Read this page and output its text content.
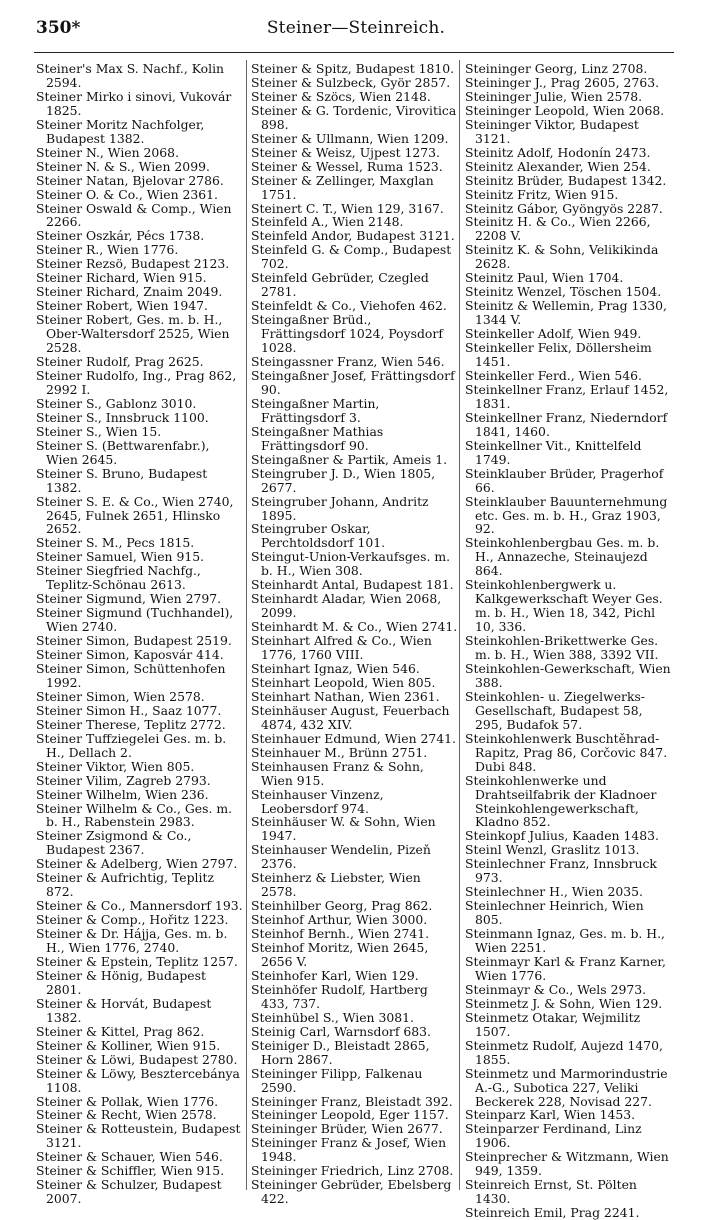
350*	Steiner—Steinreich.
Steiner's Max S. Nachf., Kolin 2594.
Steiner Mirko i sinovi, Vukovár 1825.
Steiner Moritz Nachfolger, Budapest 1382.
Steiner N., Wien 2068.
Steiner N. & S., Wien 2099.
Steiner Natan, Bjelovar 2786.
Steiner O. & Co., Wien 2361.
Steiner Oswald & Comp., Wien 2266.
Steiner Oszkár, Pécs 1738.
Steiner R., Wien 1776.
Steiner Rezsö, Budapest 2123.
Steiner Richard, Wien 915.
Steiner Richard, Znaim 2049.
Steiner Robert, Wien 1947.
Steiner Robert, Ges. m. b. H., Ober-Waltersdorf 2525, Wien 2528.
Steiner Rudolf, Prag 2625.
Steiner Rudolfo, Ing., Prag 862, 2992 I.
Steiner S., Gablonz 3010.
Steiner S., Innsbruck 1100.
Steiner S., Wien 15.
Steiner S. (Bettwarenfabr.), Wien 2645.
Steiner S. Bruno, Budapest 1382.
Steiner S. E. & Co., Wien 2740, 2645, Fulnek 2651, Hlinsko 2652.
Steiner S. M., Pecs 1815.
Steiner Samuel, Wien 915.
Steiner Siegfried Nachfg., Teplitz-Schönau 2613.
Steiner Sigmund, Wien 2797.
Steiner Sigmund (Tuchhandel), Wien 2740.
Steiner Simon, Budapest 2519.
Steiner Simon, Kaposvár 414.
Steiner Simon, Schüttenhofen 1992.
Steiner Simon, Wien 2578.
Steiner Simon H., Saaz 1077.
Steiner Therese, Teplitz 2772.
Steiner Tuffziegelei Ges. m. b. H., Dellach 2.
Steiner Viktor, Wien 805.
Steiner Vilim, Zagreb 2793.
Steiner Wilhelm, Wien 236.
Steiner Wilhelm & Co., Ges. m. b. H., Rabenstein 2983.
Steiner Zsigmond & Co., Budapest 2367.
Steiner & Adelberg, Wien 2797.
Steiner & Aufrichtig, Teplitz 872.
Steiner & Co., Mannersdorf 193.
Steiner & Comp., Hořitz 1223.
Steiner & Dr. Hájja, Ges. m. b. H., Wien 1776, 2740.
Steiner & Epstein, Teplitz 1257.
Steiner & Hönig, Budapest 2801.
Steiner & Horvát, Budapest 1382.
Steiner & Kittel, Prag 862.
Steiner & Kolliner, Wien 915.
Steiner & Löwi, Budapest 2780.
Steiner & Löwy, Besztercebánya 1108.
Steiner & Pollak, Wien 1776.
Steiner & Recht, Wien 2578.
Steiner & Rotteustein, Budapest 3121.
Steiner & Schauer, Wien 546.
Steiner & Schiffler, Wien 915.
Steiner & Schulzer, Budapest 2007.
Steiner & Spitz, Budapest 1810.
Steiner & Sulzbeck, Györ 2857.
Steiner & Szöcs, Wien 2148.
Steiner & G. Tordenic, Virovitica 898.
Steiner & Ullmann, Wien 1209.
Steiner & Weisz, Ujpest 1273.
Steiner & Wessel, Ruma 1523.
Steiner & Zellinger, Maxglan 1751.
Steinert C. T., Wien 129, 3167.
Steinfeld A., Wien 2148.
Steinfeld Andor, Budapest 3121.
Steinfeld G. & Comp., Budapest 702.
Steinfeld Gebrüder, Czegled 2781.
Steinfeldt & Co., Viehofen 462.
Steingaßner Brüd., Frättingsdorf 1024, Poysdorf 1028.
Steingassner Franz, Wien 546.
Steingaßner Josef, Frättingsdorf 90.
Steingaßner Martin, Frättingsdorf 3.
Steingaßner Mathias Frättingsdorf 90.
Steingaßner & Partik, Ameis 1.
Steingruber J. D., Wien 1805, 2677.
Steingruber Johann, Andritz 1895.
Steingruber Oskar, Perchtoldsdorf 101.
Steingut-Union-Verkaufsges. m. b. H., Wien 308.
Steinhardt Antal, Budapest 181.
Steinhardt Aladar, Wien 2068, 2099.
Steinhardt M. & Co., Wien 2741.
Steinhart Alfred & Co., Wien 1776, 1760 VIII.
Steinhart Ignaz, Wien 546.
Steinhart Leopold, Wien 805.
Steinhart Nathan, Wien 2361.
Steinhäuser August, Feuerbach 4874, 432 XIV.
Steinhauer Edmund, Wien 2741.
Steinhauer M., Brünn 2751.
Steinhausen Franz & Sohn, Wien 915.
Steinhauser Vinzenz, Leobersdorf 974.
Steinhäuser W. & Sohn, Wien 1947.
Steinhauser Wendelin, Pizeň 2376.
Steinherz & Liebster, Wien 2578.
Steinhilber Georg, Prag 862.
Steinhof Arthur, Wien 3000.
Steinhof Bernh., Wien 2741.
Steinhof Moritz, Wien 2645, 2656 V.
Steinhofer Karl, Wien 129.
Steinhöfer Rudolf, Hartberg 433, 737.
Steinhübel S., Wien 3081.
Steinig Carl, Warnsdorf 683.
Steiniger D., Bleistadt 2865, Horn 2867.
Steininger Filipp, Falkenau 2590.
Steininger Franz, Bleistadt 392.
Steininger Leopold, Eger 1157.
Steininger Brüder, Wien 2677.
Steininger Franz & Josef, Wien 1948.
Steininger Friedrich, Linz 2708.
Steininger Gebrüder, Ebelsberg 422.
Steininger Georg, Linz 2708.
Steininger J., Prag 2605, 2763.
Steininger Julie, Wien 2578.
Steininger Leopold, Wien 2068.
Steininger Viktor, Budapest 3121.
Steinitz Adolf, Hodonín 2473.
Steinitz Alexander, Wien 254.
Steinitz Brüder, Budapest 1342.
Steinitz Fritz, Wien 915.
Steinitz Gábor, Gyöngyös 2287.
Steinitz H. & Co., Wien 2266, 2208 V.
Steinitz K. & Sohn, Velikikinda 2628.
Steinitz Paul, Wien 1704.
Steinitz Wenzel, Töschen 1504.
Steinitz & Wellemin, Prag 1330, 1344 V.
Steinkeller Adolf, Wien 949.
Steinkeller Felix, Döllersheim 1451.
Steinkeller Ferd., Wien 546.
Steinkellner Franz, Erlauf 1452, 1831.
Steinkellner Franz, Niederndorf 1841, 1460.
Steinkellner Vit., Knittelfeld 1749.
Steinklauber Brüder, Pragerhof 66.
Steinklauber Bauunternehmung etc. Ges. m. b. H., Graz 1903, 92.
Steinkohlenbergbau Ges. m. b. H., Annazeche, Steinaujezd 864.
Steinkohlenbergwerk u. Kalkgewerkschaft Weyer Ges. m. b. H., Wien 18, 342, Pichl 10, 336.
Steinkohlen-Brikettwerke Ges. m. b. H., Wien 388, 3392 VII.
Steinkohlen-Gewerkschaft, Wien 388.
Steinkohlen- u. Ziegelwerks-Gesellschaft, Budapest 58, 295, Budafok 57.
Steinkohlenwerk Buschtěhrad-Rapitz, Prag 86, Corčovic 847. Dubi 848.
Steinkohlenwerke und Drahtseilfabrik der Kladnoer Steinkohlengewerkschaft, Kladno 852.
Steinkopf Julius, Kaaden 1483.
Steinl Wenzl, Graslitz 1013.
Steinlechner Franz, Innsbruck 973.
Steinlechner H., Wien 2035.
Steinlechner Heinrich, Wien 805.
Steinmann Ignaz, Ges. m. b. H., Wien 2251.
Steinmayr Karl & Franz Karner, Wien 1776.
Steinmayr & Co., Wels 2973.
Steinmetz J. & Sohn, Wien 129.
Steinmetz Otakar, Wejmilitz 1507.
Steinmetz Rudolf, Aujezd 1470, 1855.
Steinmetz und Marmorindustrie A.-G., Subotica 227, Veliki Beckerek 228, Novisad 227.
Steinparz Karl, Wien 1453.
Steinparzer Ferdinand, Linz 1906.
Steinprecher & Witzmann, Wien 949, 1359.
Steinreich Ernst, St. Pölten 1430.
Steinreich Emil, Prag 2241.
